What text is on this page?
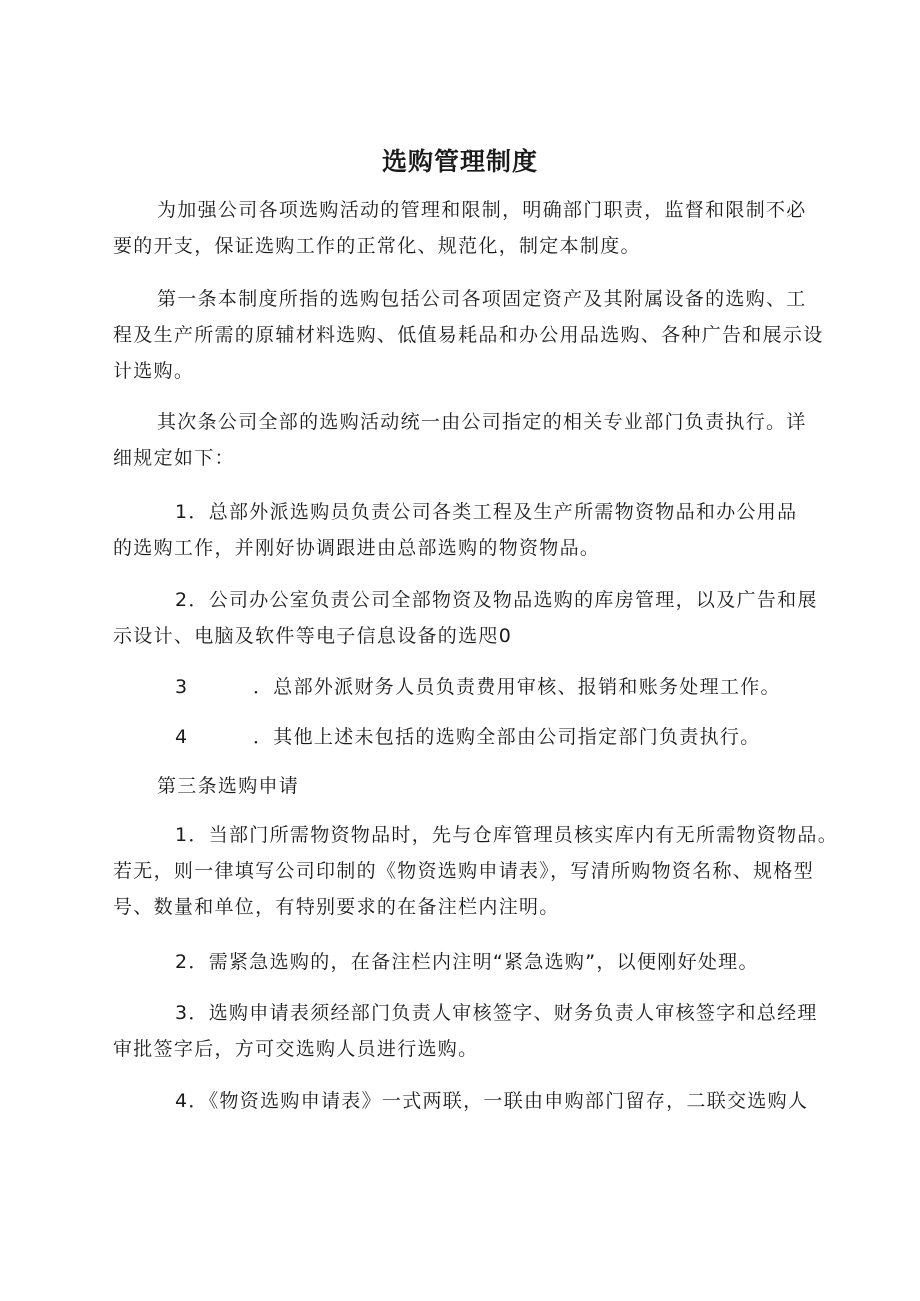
选购管理制度
为加强公司各项选购活动的管理和限制，明确部门职责，监督和限制不必
要的开支，保证选购工作的正常化、规范化，制定本制度。
第一条本制度所指的选购包括公司各项固定资产及其附属设备的选购、工
程及生产所需的原辅材料选购、低值易耗品和办公用品选购、各种广告和展示设
计选购。
其次条公司全部的选购活动统一由公司指定的相关专业部门负责执行。详
细规定如下：
1．总部外派选购员负责公司各类工程及生产所需物资物品和办公用品
的选购工作，并刚好协调跟进由总部选购的物资物品。
2．公司办公室负责公司全部物资及物品选购的库房管理，以及广告和展
示设计、电脑及软件等电子信息设备的选咫0
3	．总部外派财务人员负责费用审核、报销和账务处理工作。
4	．其他上述未包括的选购全部由公司指定部门负责执行。
第三条选购申请
1．当部门所需物资物品时，先与仓库管理员核实库内有无所需物资物品。
若无，则一律填写公司印制的《物资选购申请表》，写清所购物资名称、规格型
号、数量和单位，有特别要求的在备注栏内注明。
2．需紧急选购的，在备注栏内注明“紧急选购”，以便刚好处理。
3．选购申请表须经部门负责人审核签字、财务负责人审核签字和总经理
审批签字后，方可交选购人员进行选购。
4．《物资选购申请表》一式两联，一联由申购部门留存，二联交选购人
